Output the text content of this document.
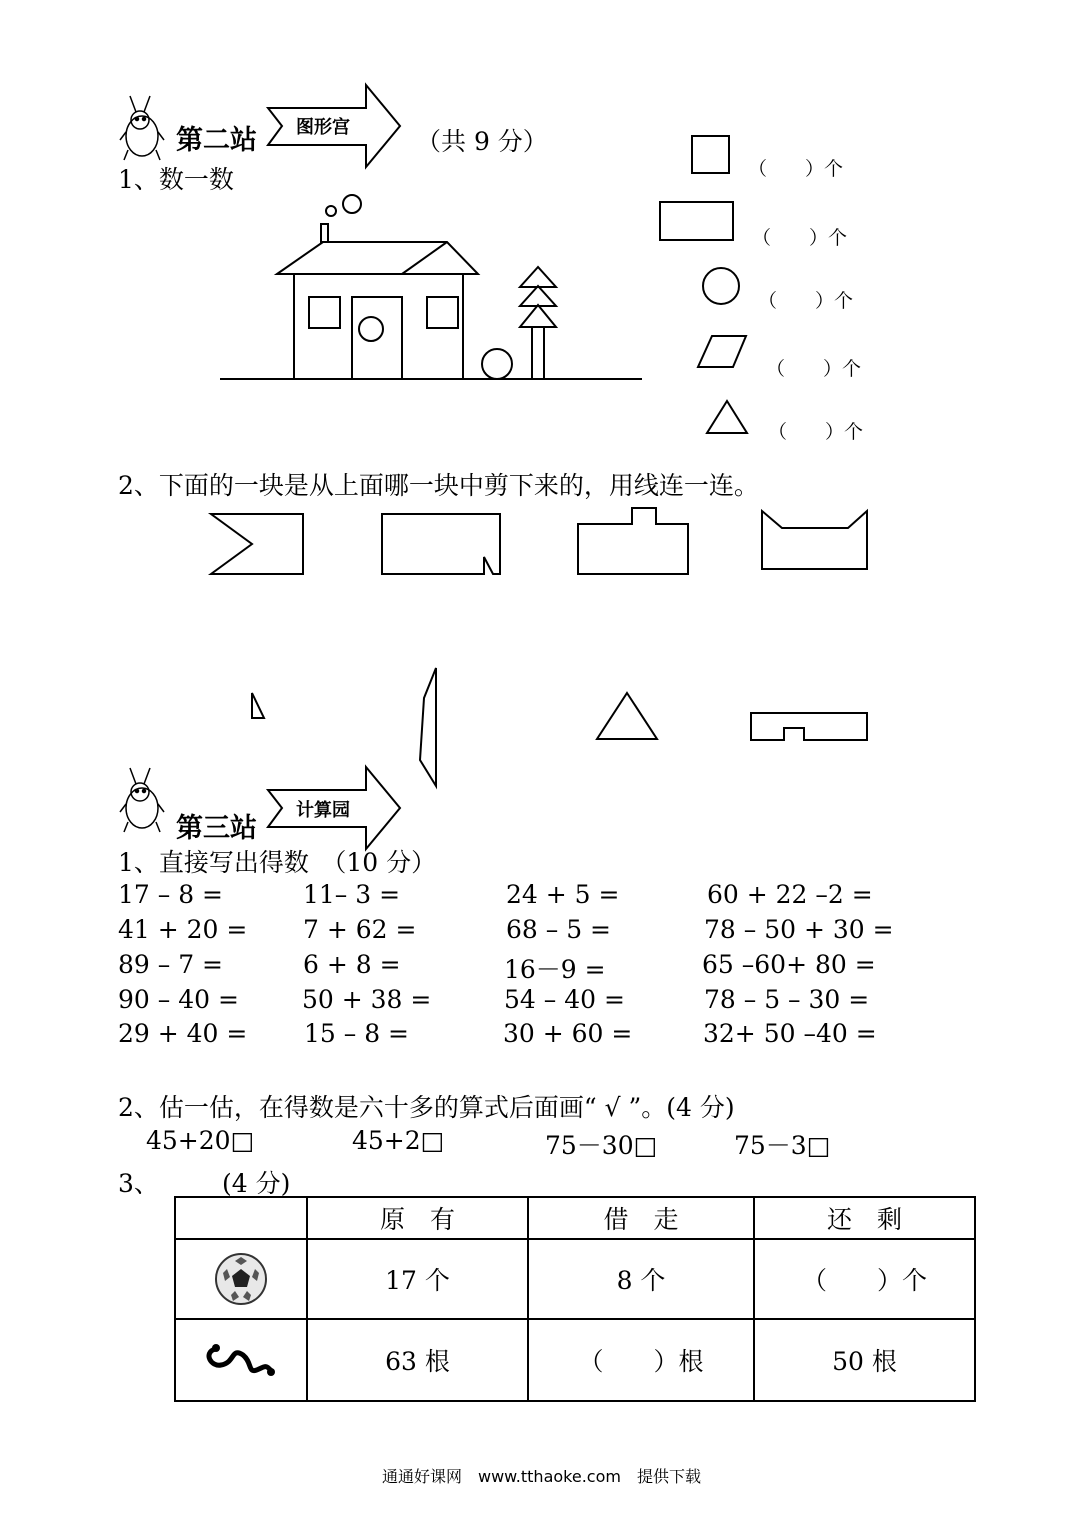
第二站 图形宫	（共 9 分）
1、数一数	（　　）个
（　　）个
（　　）个
（　　）个
（　　）个
2、下面的一块是从上面哪一块中剪下来的，用线连一连。
第三站
计算园
1、直接写出得数　（10 分）
17 – 8 =	11– 3 =	24 + 5 =	60 + 22 –2 =
41 + 20 = 7 + 62 =	68 – 5 =	78 – 50 + 30 =
89 – 7 =	6 + 8 =	16－9 =	65 –60+ 80 =
90 – 40 =	50 + 38 =	54 – 40 =	78 – 5 – 30 =
29 + 40 = 15 – 8 =	30 + 60 =	32+ 50 –40 =
2、估一估，在得数是六十多的算式后面画“ √ ”。(4 分)
45+20□	45+2□	75－30□	75－3□
3、	(4 分)
	原　有	借　走	还　剩

	17 个	8 个	（　　）个

	63 根	（　　）根	50 根
通通好课网　www.tthaoke.com　提供下载
